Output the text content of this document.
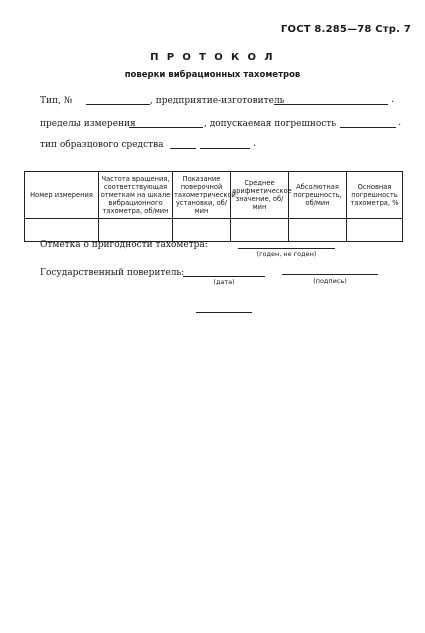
ГОСТ 8.285—78 Стр. 7
П Р О Т О К О Л
поверки вибрационных тахометров
Тип, №	, предприятие-изготовитель	.
пределы измерения	, допускаемая погрешность	.
тип образцового средства	.
Номер измерения	Частота вращения, соответствующая отметкам на шкале вибрационного тахометра, об/мин	Показание поверочной тахометрической установки, об/мин	Среднее арифметическое значение, об/мин	Абсолютная погрешность, об/мин	Основная погрешность тахометра, %

Отметка о пригодности тахометра:
(годен, не годен)
Государственный поверитель:
(дата)	(подпись)
